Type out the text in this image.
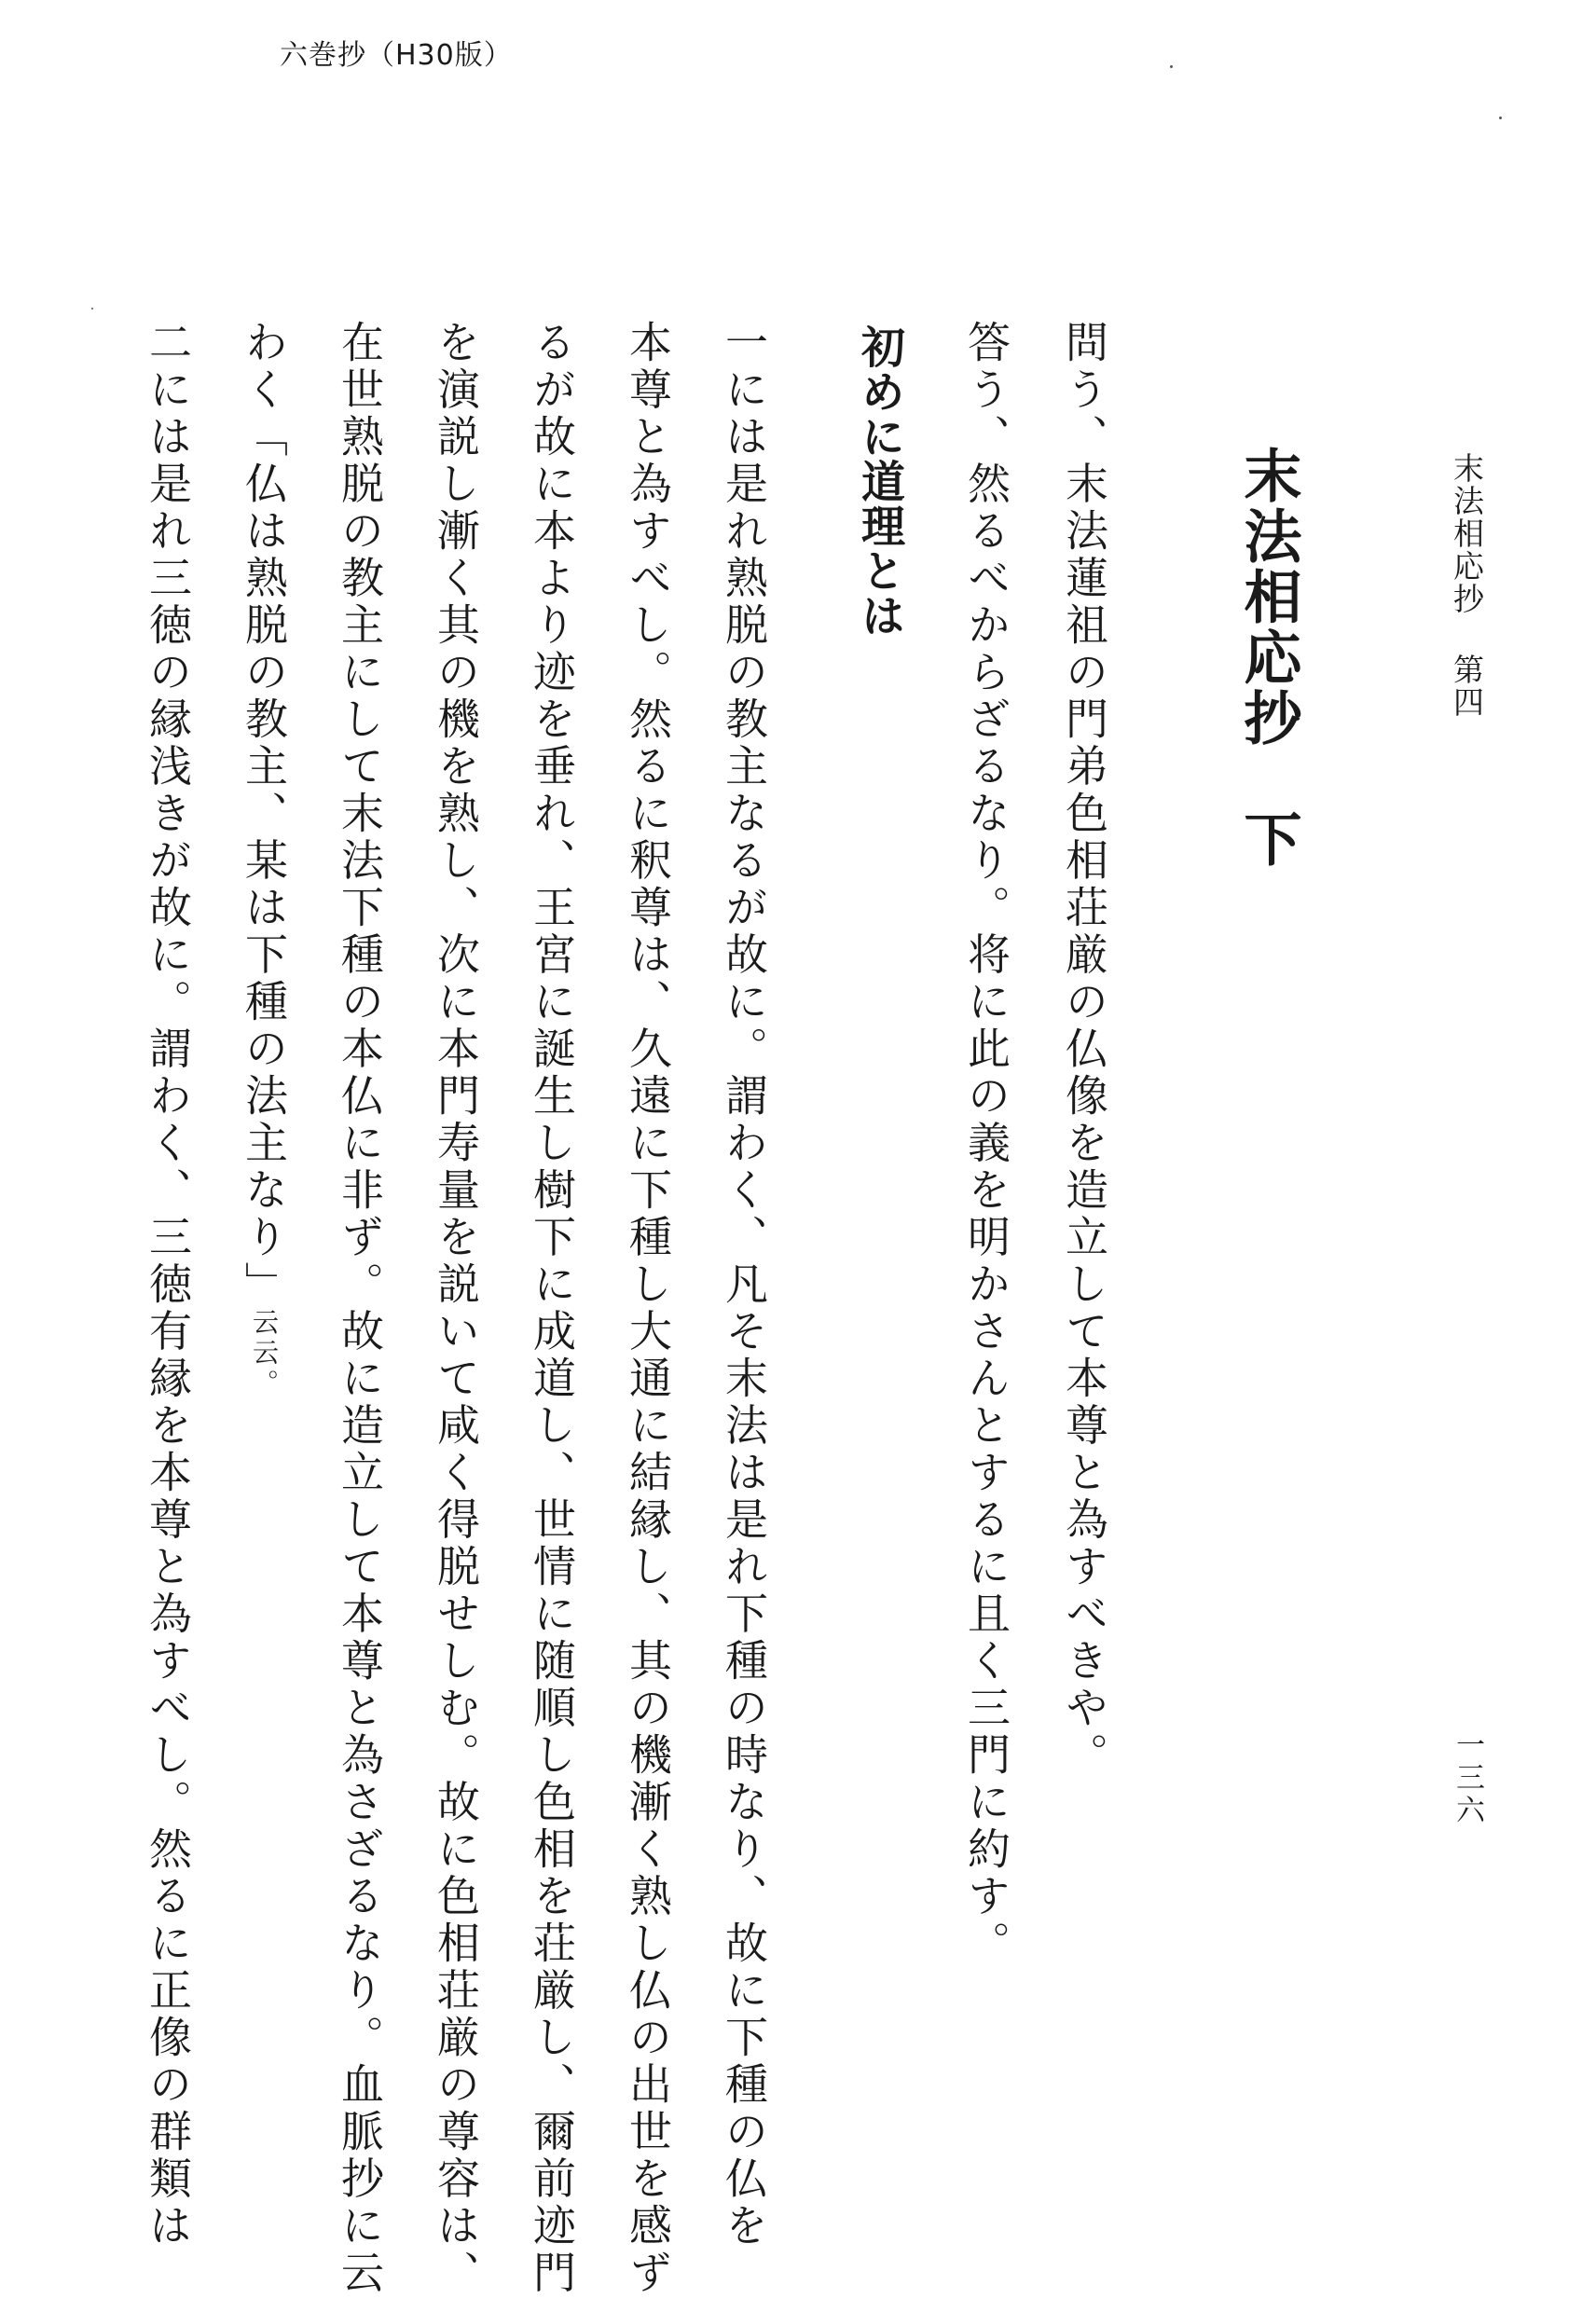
六巻抄（H30版）
末法相応抄 第四
一三六
末法相応抄　下
問う、末法蓮祖の門弟色相荘厳の仏像を造立して本尊と為すべきや。
答う、然るべからざるなり。将に此の義を明かさんとするに且く三門に約す。
初めに道理とは
一には是れ熟脱の教主なるが故に。謂わく、凡そ末法は是れ下種の時なり、故に下種の仏を
本尊と為すべし。然るに釈尊は、久遠に下種し大通に結縁し、其の機漸く熟し仏の出世を感ず
るが故に本より迹を垂れ、王宮に誕生し樹下に成道し、世情に随順し色相を荘厳し、爾前迹門
を演説し漸く其の機を熟し、次に本門寿量を説いて咸く得脱せしむ。故に色相荘厳の尊容は、
在世熟脱の教主にして末法下種の本仏に非ず。故に造立して本尊と為さざるなり。血脈抄に云
わく「仏は熟脱の教主、某は下種の法主なり」云云。
二には是れ三徳の縁浅きが故に。謂わく、三徳有縁を本尊と為すべし。然るに正像の群類は
